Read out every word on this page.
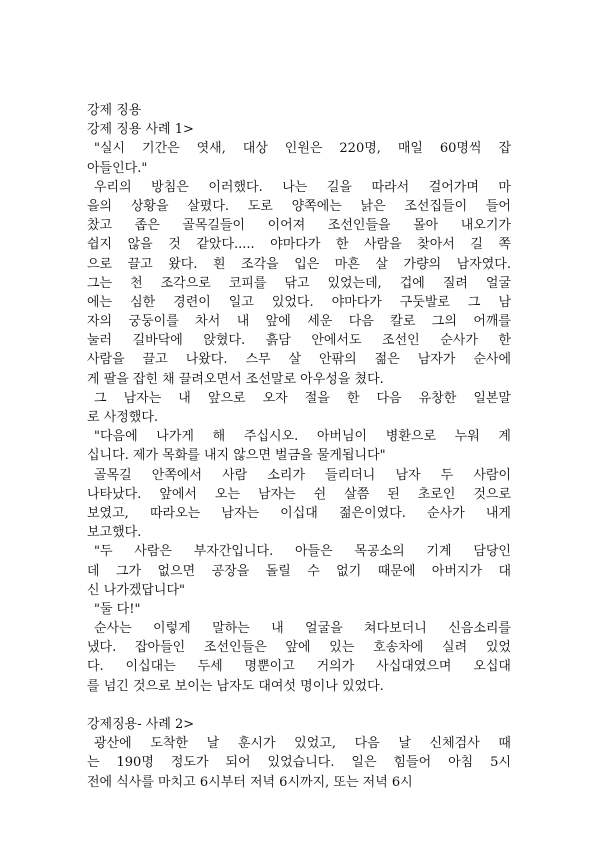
강제 징용
강제 징용 사례 1>
"실시 기간은 엿새, 대상 인원은 220명, 매일 60명씩 잡
아들인다."
우리의 방침은 이러했다. 나는 길을 따라서 걸어가며 마
을의 상황을 살폈다. 도로 양쪽에는 낡은 조선집들이 들어
찼고 좁은 골목길들이 이어져 조선인들을 몰아 내오기가
쉽지 않을 것 같았다..... 야마다가 한 사람을 찾아서 길 쪽
으로 끌고 왔다. 흰 조각을 입은 마흔 살 가량의 남자였다.
그는 천 조각으로 코피를 닦고 있었는데, 겁에 질려 얼굴
에는 심한 경련이 일고 있었다. 야마다가 구둣발로 그 남
자의 궁둥이를 차서 내 앞에 세운 다음 칼로 그의 어깨를
눌러 길바닥에 앉혔다. 흙담 안에서도 조선인 순사가 한
사람을 끌고 나왔다. 스무 살 안팎의 젊은 남자가 순사에
게 팔을 잡힌 채 끌려오면서 조선말로 아우성을 쳤다.
그 남자는 내 앞으로 오자 절을 한 다음 유창한 일본말
로 사정했다.
"다음에 나가게 해 주십시오. 아버님이 병환으로 누워 계
십니다. 제가 목화를 내지 않으면 벌금을 물게됩니다"
골목길 안쪽에서 사람 소리가 들리더니 남자 두 사람이
나타났다. 앞에서 오는 남자는 쉰 살쯤 된 초로인 것으로
보였고, 따라오는 남자는 이십대 젊은이였다. 순사가 내게
보고했다.
"두 사람은 부자간입니다. 아들은 목공소의 기계 담당인
데 그가 없으면 공장을 돌릴 수 없기 때문에 아버지가 대
신 나가겠답니다"
"둘 다!"
순사는 이렇게 말하는 내 얼굴을 쳐다보더니 신음소리를
냈다. 잡아들인 조선인들은 앞에 있는 호송차에 실려 있었
다. 이십대는 두세 명뿐이고 거의가 사십대였으며 오십대
를 넘긴 것으로 보이는 남자도 대여섯 명이나 있었다.
강제징용- 사례 2>
광산에 도착한 날 훈시가 있었고, 다음 날 신체검사 때
는 190명 정도가 되어 있었습니다. 일은 힘들어 아침 5시
전에 식사를 마치고 6시부터 저녁 6시까지, 또는 저녁 6시
